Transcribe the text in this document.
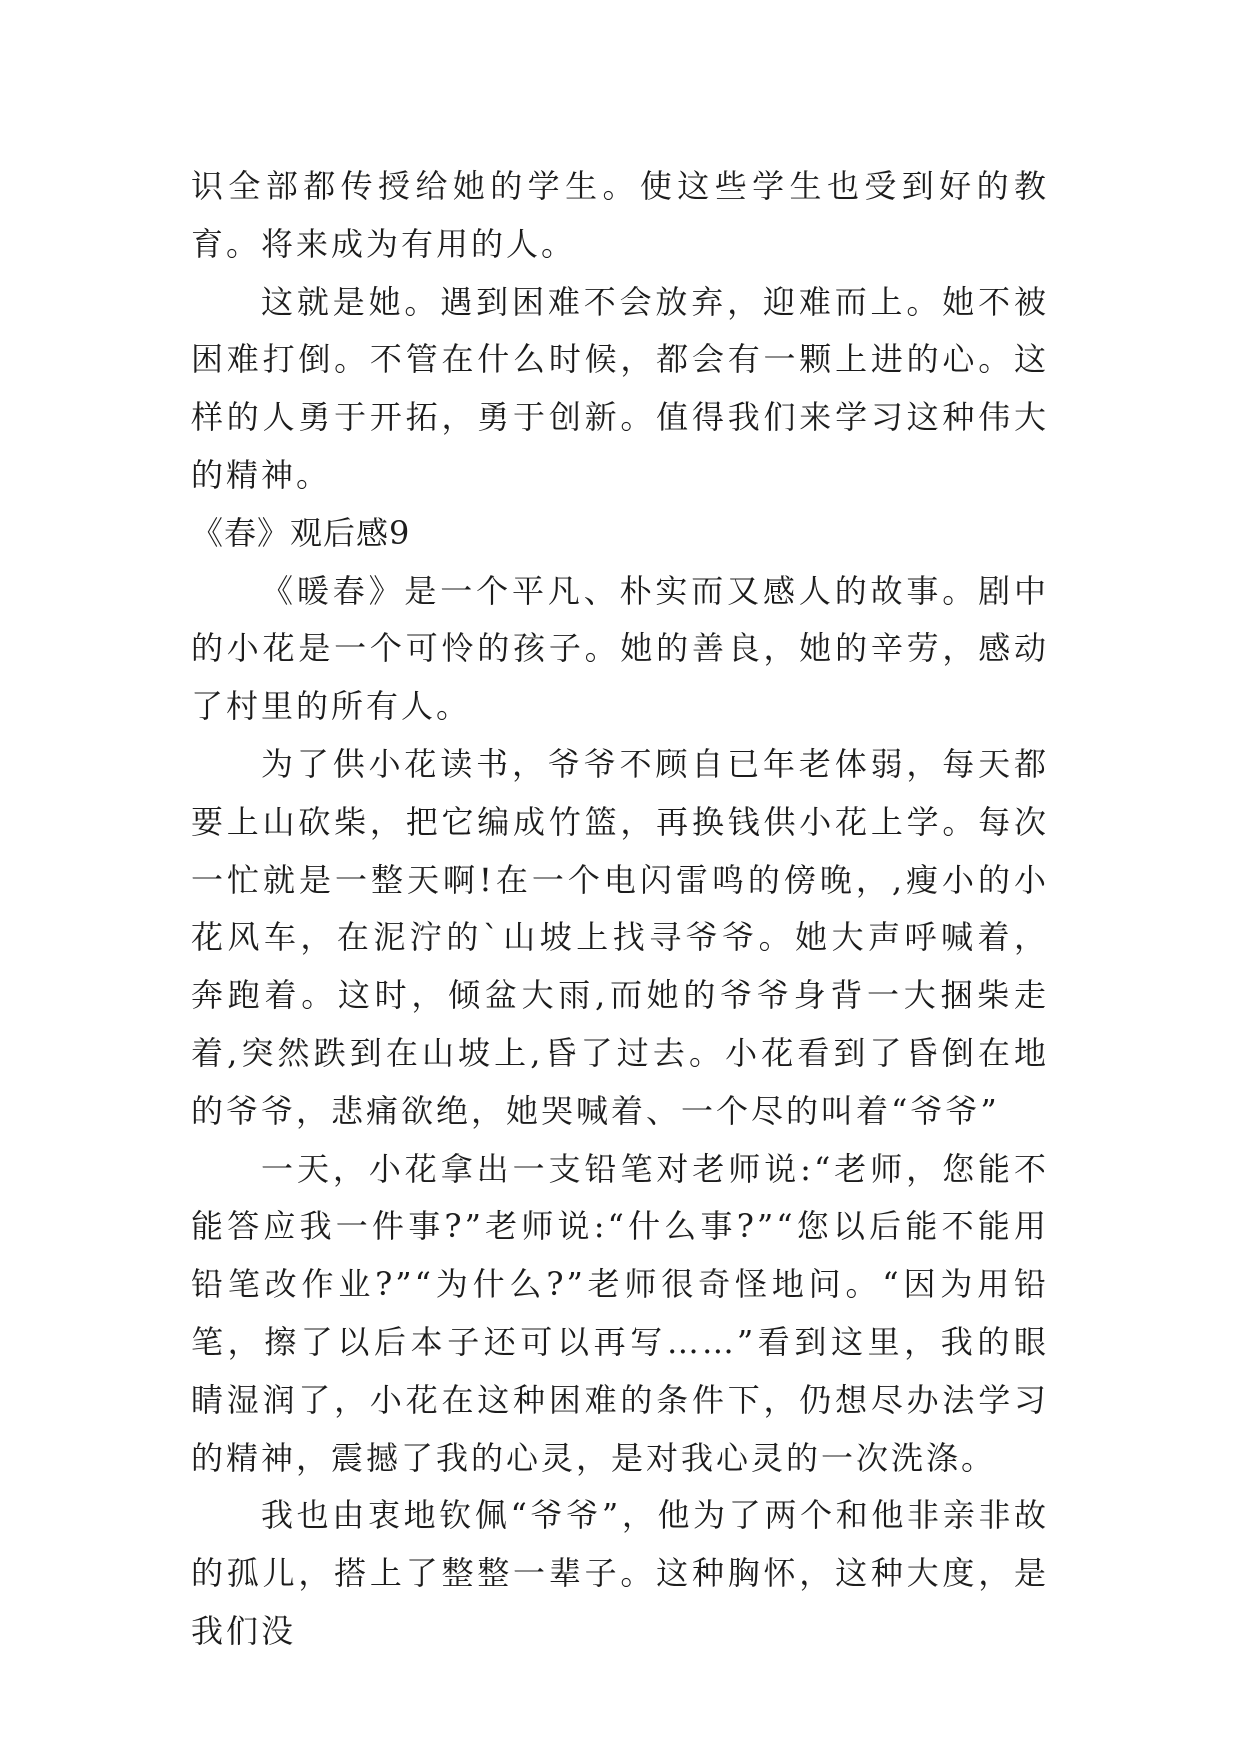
识全部都传授给她的学生。使这些学生也受到好的教育。将来成为有用的人。

这就是她。遇到困难不会放弃，迎难而上。她不被困难打倒。不管在什么时候，都会有一颗上进的心。这样的人勇于开拓，勇于创新。值得我们来学习这种伟大的精神。

《春》观后感9

《暖春》是一个平凡、朴实而又感人的故事。剧中的小花是一个可怜的孩子。她的善良，她的辛劳，感动了村里的所有人。

为了供小花读书，爷爷不顾自已年老体弱，每天都要上山砍柴，把它编成竹篮，再换钱供小花上学。每次一忙就是一整天啊!在一个电闪雷鸣的傍晚，,瘦小的小花风车，在泥泞的`山坡上找寻爷爷。她大声呼喊着，奔跑着。这时，倾盆大雨,而她的爷爷身背一大捆柴走着,突然跌到在山坡上,昏了过去。小花看到了昏倒在地的爷爷，悲痛欲绝，她哭喊着、一个尽的叫着“爷爷”

一天，小花拿出一支铅笔对老师说:“老师，您能不能答应我一件事?”老师说:“什么事?”“您以后能不能用铅笔改作业?”“为什么?”老师很奇怪地问。“因为用铅笔，擦了以后本子还可以再写……”看到这里，我的眼睛湿润了，小花在这种困难的条件下，仍想尽办法学习的精神，震撼了我的心灵，是对我心灵的一次洗涤。

我也由衷地钦佩“爷爷”，他为了两个和他非亲非故的孤儿，搭上了整整一辈子。这种胸怀，这种大度，是我们没
